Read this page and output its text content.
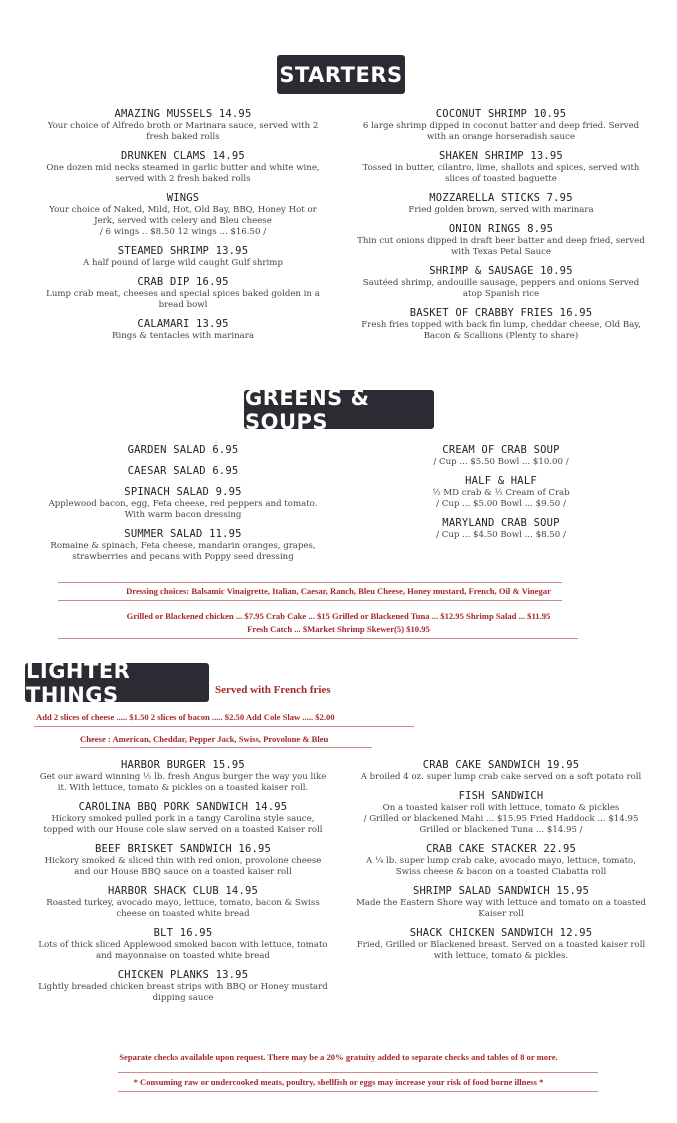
STARTERS
AMAZING MUSSELS 14.95
Your choice of Alfredo broth or Marinara sauce, served with 2 fresh baked rolls
DRUNKEN CLAMS 14.95
One dozen mid necks steamed in garlic butter and white wine, served with 2 fresh baked rolls
WINGS
Your choice of Naked, Mild, Hot, Old Bay, BBQ, Honey Hot or Jerk, served with celery and Bleu cheese
/ 6 wings .. $8.50 12 wings ... $16.50 /
STEAMED SHRIMP 13.95
A half pound of large wild caught Gulf shrimp
CRAB DIP 16.95
Lump crab meat, cheeses and special spices baked golden in a bread bowl
CALAMARI 13.95
Rings & tentacles with marinara
COCONUT SHRIMP 10.95
6 large shrimp dipped in coconut batter and deep fried. Served with an orange horseradish sauce
SHAKEN SHRIMP 13.95
Tossed in butter, cilantro, lime, shallots and spices, served with slices of toasted baguette
MOZZARELLA STICKS 7.95
Fried golden brown, served with marinara
ONION RINGS 8.95
Thin cut onions dipped in draft beer batter and deep fried, served with Texas Petal Sauce
SHRIMP & SAUSAGE 10.95
Sautéed shrimp, andouille sausage, peppers and onions Served atop Spanish rice
BASKET OF CRABBY FRIES 16.95
Fresh fries topped with back fin lump, cheddar cheese, Old Bay, Bacon & Scallions (Plenty to share)
GREENS & SOUPS
GARDEN SALAD 6.95
CAESAR SALAD 6.95
SPINACH SALAD 9.95
Applewood bacon, egg, Feta cheese, red peppers and tomato. With warm bacon dressing
SUMMER SALAD 11.95
Romaine & spinach, Feta cheese, mandarin oranges, grapes, strawberries and pecans with Poppy seed dressing
CREAM OF CRAB SOUP
/ Cup ... $5.50 Bowl ... $10.00 /
HALF & HALF
½ MD crab & ½ Cream of Crab
/ Cup ... $5.00 Bowl ... $9.50 /
MARYLAND CRAB SOUP
/ Cup ... $4.50 Bowl ... $8.50 /
Dressing choices: Balsamic Vinaigrette, Italian, Caesar, Ranch, Bleu Cheese, Honey mustard, French, Oil & Vinegar
Grilled or Blackened chicken ... $7.95 Crab Cake ... $15 Grilled or Blackened Tuna ... $12.95 Shrimp Salad ... $11.95
Fresh Catch ... $Market Shrimp Skewer(5) $10.95
LIGHTER THINGS	Served with French fries
Add 2 slices of cheese ..... $1.50 2 slices of bacon ..... $2.50 Add Cole Slaw ..... $2.00
Cheese : American, Cheddar, Pepper Jack, Swiss, Provolone & Bleu
HARBOR BURGER 15.95
Get our award winning ½ lb. fresh Angus burger the way you like it. With lettuce, tomato & pickles on a toasted kaiser roll.
CAROLINA BBQ PORK SANDWICH 14.95
Hickory smoked pulled pork in a tangy Carolina style sauce, topped with our House cole slaw served on a toasted Kaiser roll
BEEF BRISKET SANDWICH 16.95
Hickory smoked & sliced thin with red onion, provolone cheese and our House BBQ sauce on a toasted kaiser roll
HARBOR SHACK CLUB 14.95
Roasted turkey, avocado mayo, lettuce, tomato, bacon & Swiss cheese on toasted white bread
BLT 16.95
Lots of thick sliced Applewood smoked bacon with lettuce, tomato and mayonnaise on toasted white bread
CHICKEN PLANKS 13.95
Lightly breaded chicken breast strips with BBQ or Honey mustard dipping sauce
CRAB CAKE SANDWICH 19.95
A broiled 4 oz. super lump crab cake served on a soft potato roll
FISH SANDWICH
On a toasted kaiser roll with lettuce, tomato & pickles
/ Grilled or blackened Mahi ... $15.95 Fried Haddock ... $14.95
Grilled or blackened Tuna ... $14.95 /
CRAB CAKE STACKER 22.95
A ¼ lb. super lump crab cake, avocado mayo, lettuce, tomato, Swiss cheese & bacon on a toasted Ciabatta roll
SHRIMP SALAD SANDWICH 15.95
Made the Eastern Shore way with lettuce and tomato on a toasted Kaiser roll
SHACK CHICKEN SANDWICH 12.95
Fried, Grilled or Blackened breast. Served on a toasted kaiser roll with lettuce, tomato & pickles.
Separate checks available upon request. There may be a 20% gratuity added to separate checks and tables of 8 or more.
* Consuming raw or undercooked meats, poultry, shellfish or eggs may increase your risk of food borne illness *
